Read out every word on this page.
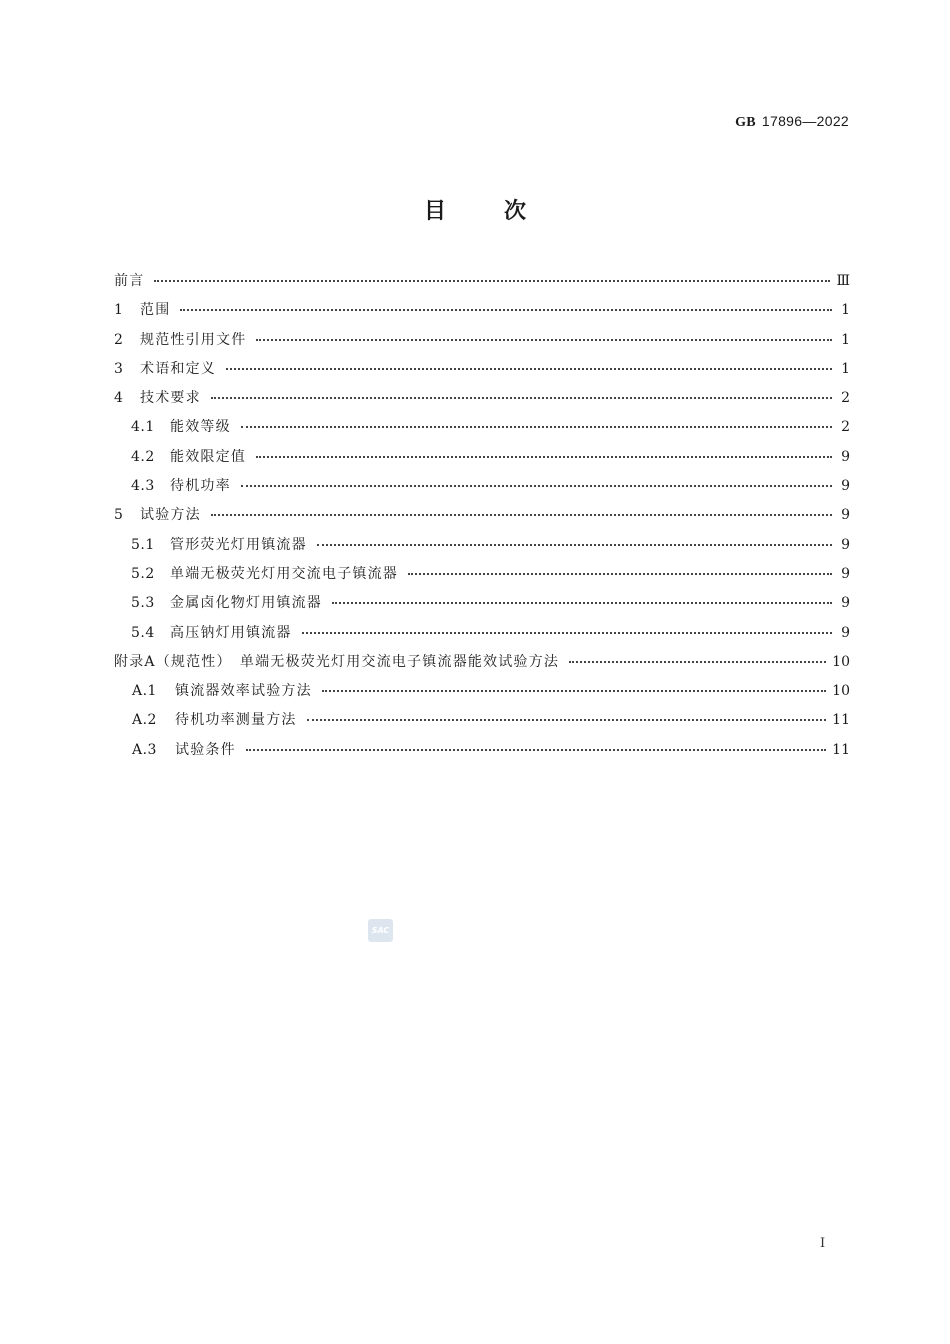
GB 17896—2022
目次
前言	Ⅲ
1	范围	1
2	规范性引用文件	1
3	术语和定义	1
4	技术要求	2
4.1	能效等级	2
4.2	能效限定值	9
4.3	待机功率	9
5	试验方法	9
5.1	管形荧光灯用镇流器	9
5.2	单端无极荧光灯用交流电子镇流器	9
5.3	金属卤化物灯用镇流器	9
5.4	高压钠灯用镇流器	9
附录A（规范性）　单端无极荧光灯用交流电子镇流器能效试验方法	10
A.1	镇流器效率试验方法	10
A.2	待机功率测量方法	11
A.3	试验条件	11
SAC
Ⅰ
